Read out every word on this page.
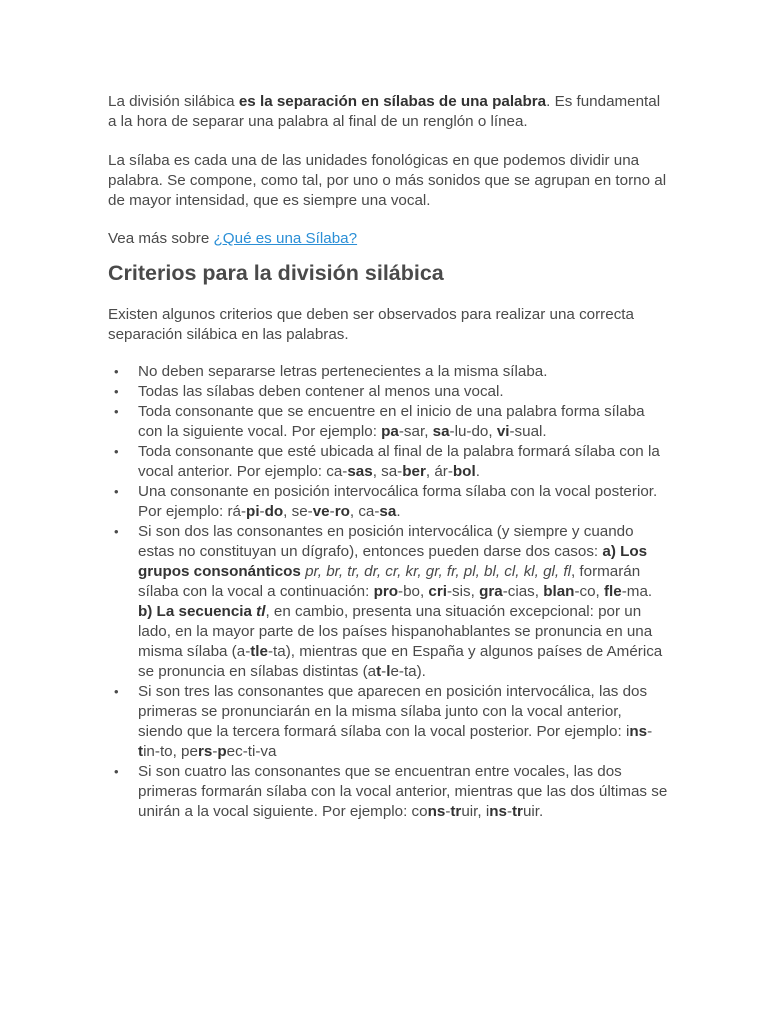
La división silábica es la separación en sílabas de una palabra. Es fundamental a la hora de separar una palabra al final de un renglón o línea.

La sílaba es cada una de las unidades fonológicas en que podemos dividir una palabra. Se compone, como tal, por uno o más sonidos que se agrupan en torno al de mayor intensidad, que es siempre una vocal.

Vea más sobre ¿Qué es una Sílaba?

Criterios para la división silábica

Existen algunos criterios que deben ser observados para realizar una correcta separación silábica en las palabras.

• No deben separarse letras pertenecientes a la misma sílaba.
• Todas las sílabas deben contener al menos una vocal.
• Toda consonante que se encuentre en el inicio de una palabra forma sílaba con la siguiente vocal. Por ejemplo: pa-sar, sa-lu-do, vi-sual.
• Toda consonante que esté ubicada al final de la palabra formará sílaba con la vocal anterior. Por ejemplo: ca-sas, sa-ber, ár-bol.
• Una consonante en posición intervocálica forma sílaba con la vocal posterior. Por ejemplo: rá-pi-do, se-ve-ro, ca-sa.
• Si son dos las consonantes en posición intervocálica (y siempre y cuando estas no constituyan un dígrafo), entonces pueden darse dos casos: a) Los grupos consonánticos pr, br, tr, dr, cr, kr, gr, fr, pl, bl, cl, kl, gl, fl, formarán sílaba con la vocal a continuación: pro-bo, cri-sis, gra-cias, blan-co, fle-ma. b) La secuencia tl, en cambio, presenta una situación excepcional: por un lado, en la mayor parte de los países hispanohablantes se pronuncia en una misma sílaba (a-tle-ta), mientras que en España y algunos países de América se pronuncia en sílabas distintas (at-le-ta).
• Si son tres las consonantes que aparecen en posición intervocálica, las dos primeras se pronunciarán en la misma sílaba junto con la vocal anterior, siendo que la tercera formará sílaba con la vocal posterior. Por ejemplo: ins-tin-to, pers-pec-ti-va
• Si son cuatro las consonantes que se encuentran entre vocales, las dos primeras formarán sílaba con la vocal anterior, mientras que las dos últimas se unirán a la vocal siguiente. Por ejemplo: cons-truir, ins-truir.
